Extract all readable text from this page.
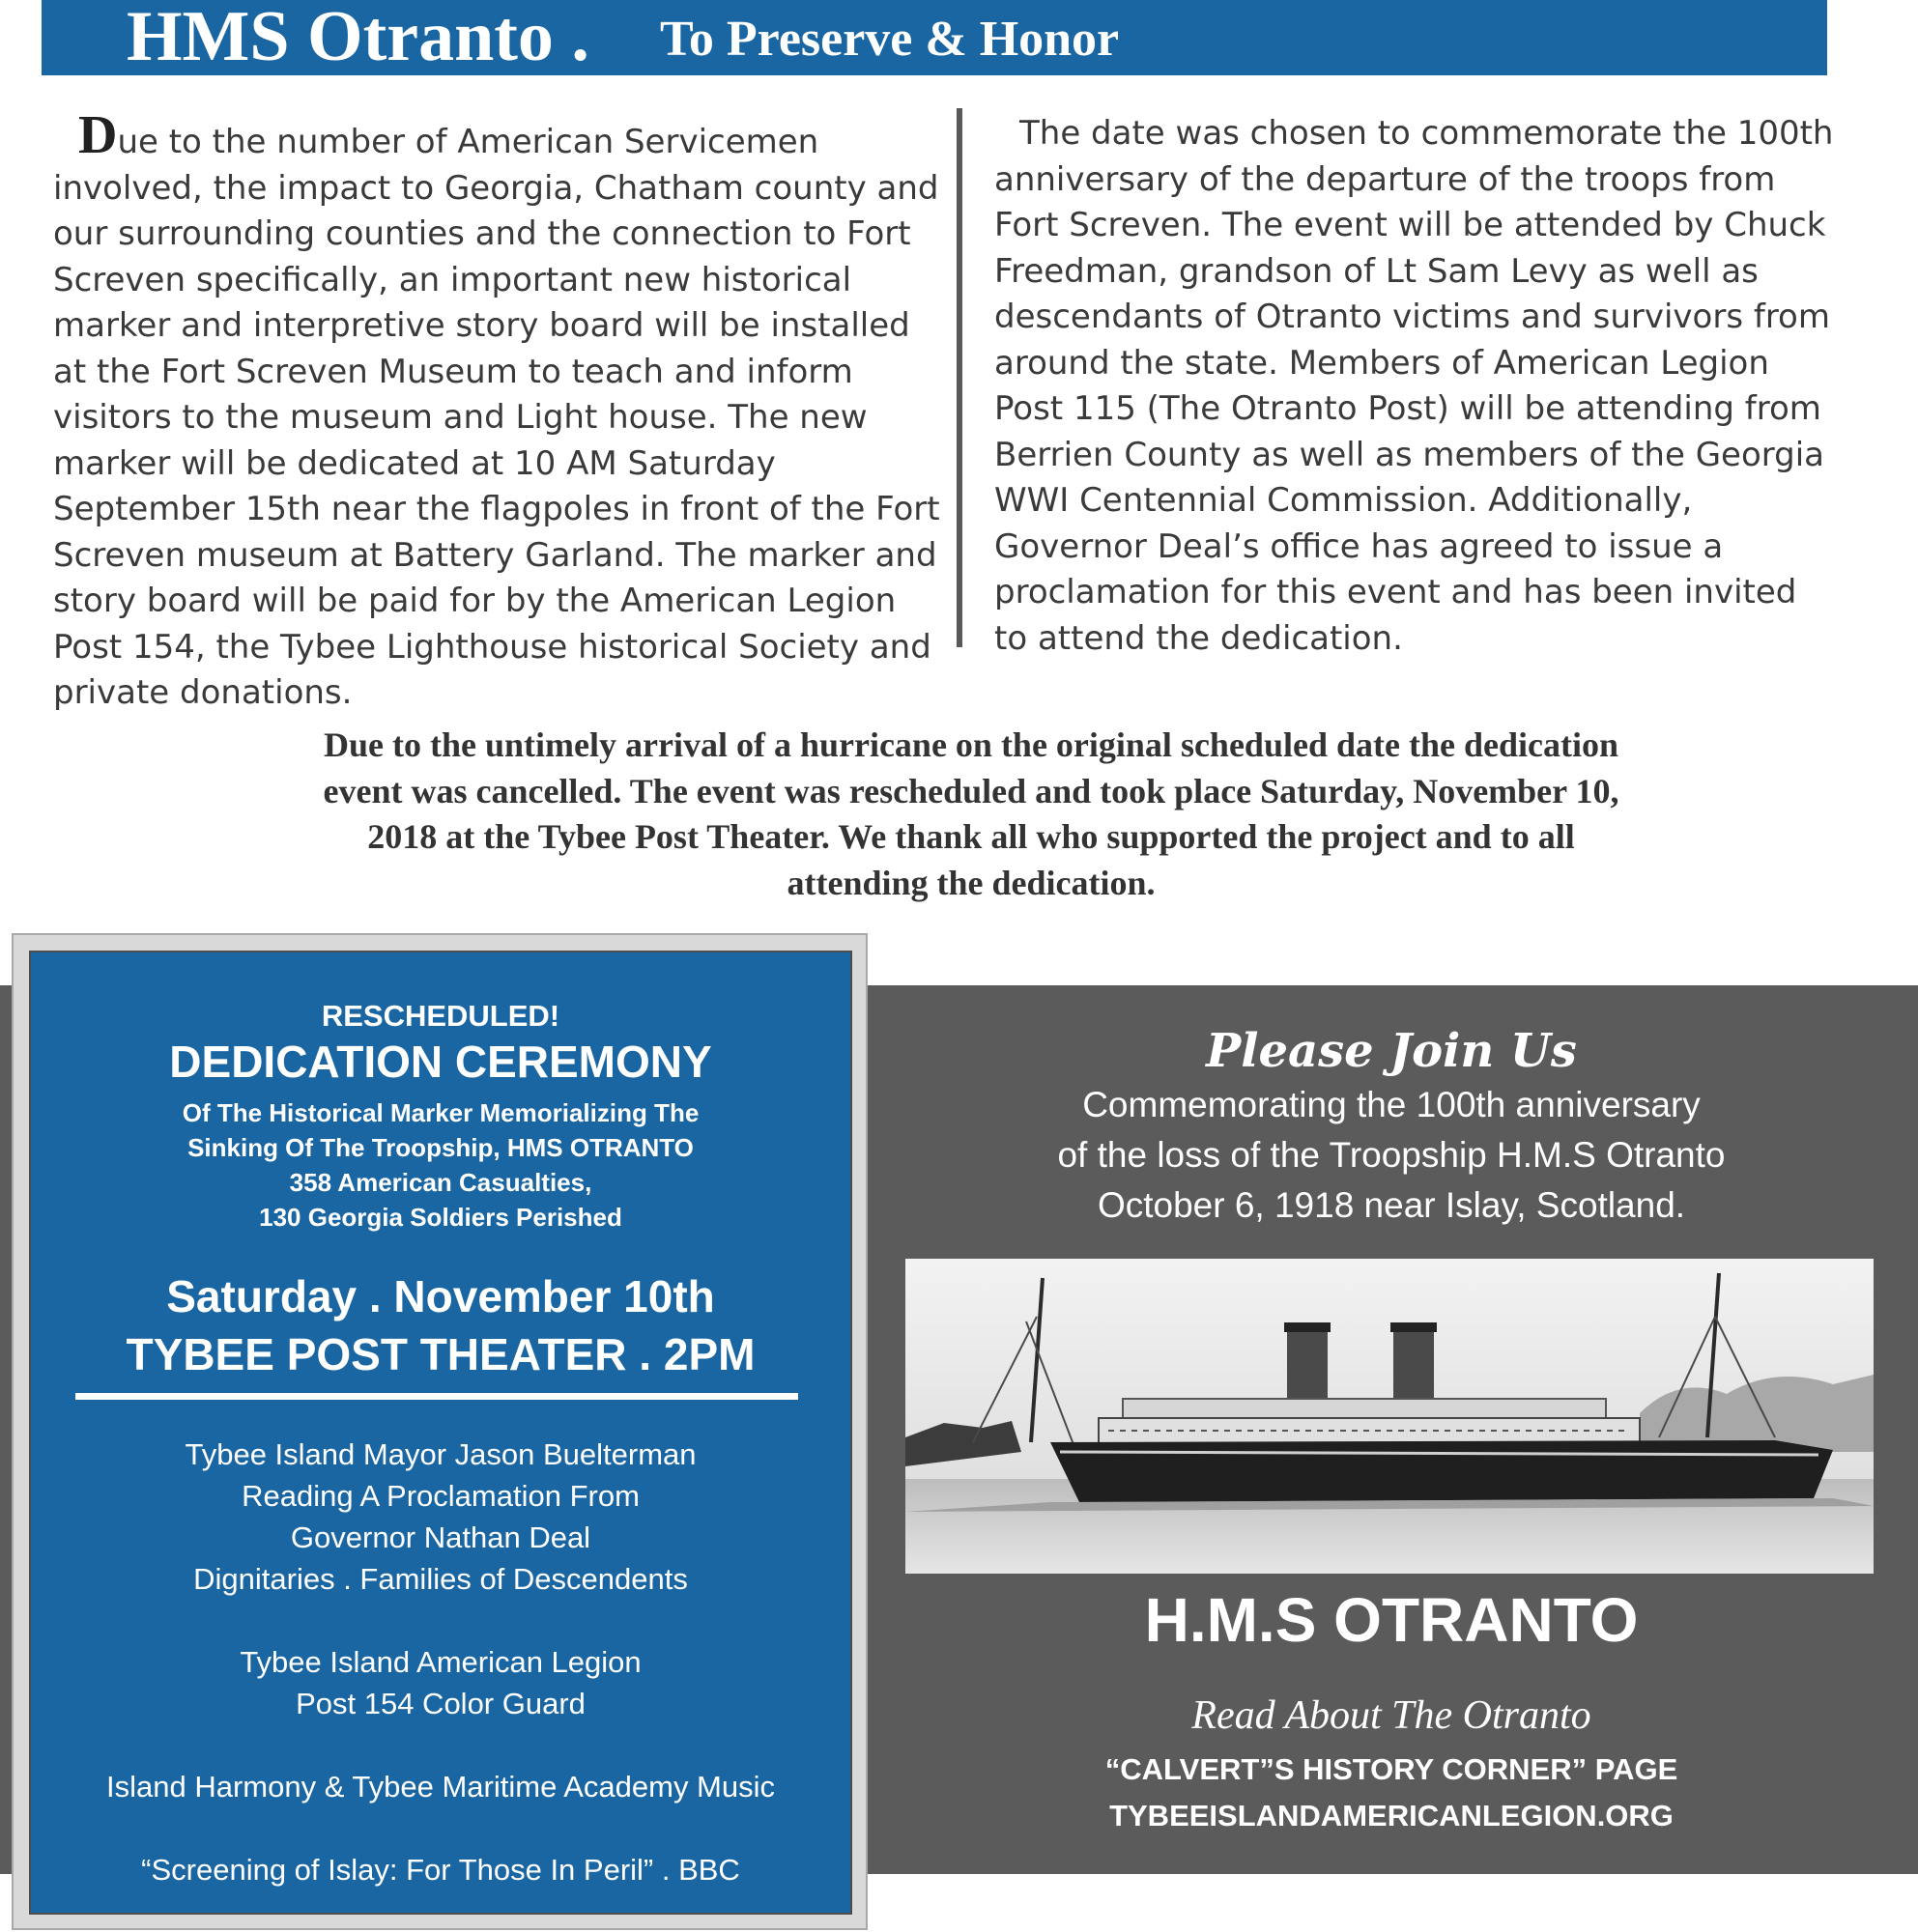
HMS Otranto . To Preserve & Honor

Due to the number of American Servicemen involved, the impact to Georgia, Chatham county and our surrounding counties and the connection to Fort Screven specifically, an important new historical marker and interpretive story board will be installed at the Fort Screven Museum to teach and inform visitors to the museum and Light house. The new marker will be dedicated at 10 AM Saturday September 15th near the flagpoles in front of the Fort Screven museum at Battery Garland. The marker and story board will be paid for by the American Legion Post 154, the Tybee Lighthouse historical Society and private donations.

The date was chosen to commemorate the 100th anniversary of the departure of the troops from Fort Screven. The event will be attended by Chuck Freedman, grandson of Lt Sam Levy as well as descendants of Otranto victims and survivors from around the state. Members of American Legion Post 115 (The Otranto Post) will be attending from Berrien County as well as members of the Georgia WWI Centennial Commission. Additionally, Governor Deal’s office has agreed to issue a proclamation for this event and has been invited to attend the dedication.

Due to the untimely arrival of a hurricane on the original scheduled date the dedication
event was cancelled. The event was rescheduled and took place Saturday, November 10,
2018 at the Tybee Post Theater. We thank all who supported the project and to all
attending the dedication.
RESCHEDULED!
DEDICATION CEREMONY
Of The Historical Marker Memorializing The
Sinking Of The Troopship, HMS OTRANTO
358 American Casualties,
130 Georgia Soldiers Perished
Saturday . November 10th
TYBEE POST THEATER . 2PM
Tybee Island Mayor Jason Buelterman
Reading A Proclamation From
Governor Nathan Deal
Dignitaries . Families of Descendents
Tybee Island American Legion
Post 154 Color Guard
Island Harmony & Tybee Maritime Academy Music
“Screening of Islay: For Those In Peril” . BBC
Please Join Us
Commemorating the 100th anniversary
of the loss of the Troopship H.M.S Otranto
October 6, 1918 near Islay, Scotland.
H.M.S OTRANTO
Read About The Otranto
“CALVERT”S HISTORY CORNER” PAGE
TYBEEISLANDAMERICANLEGION.ORG
